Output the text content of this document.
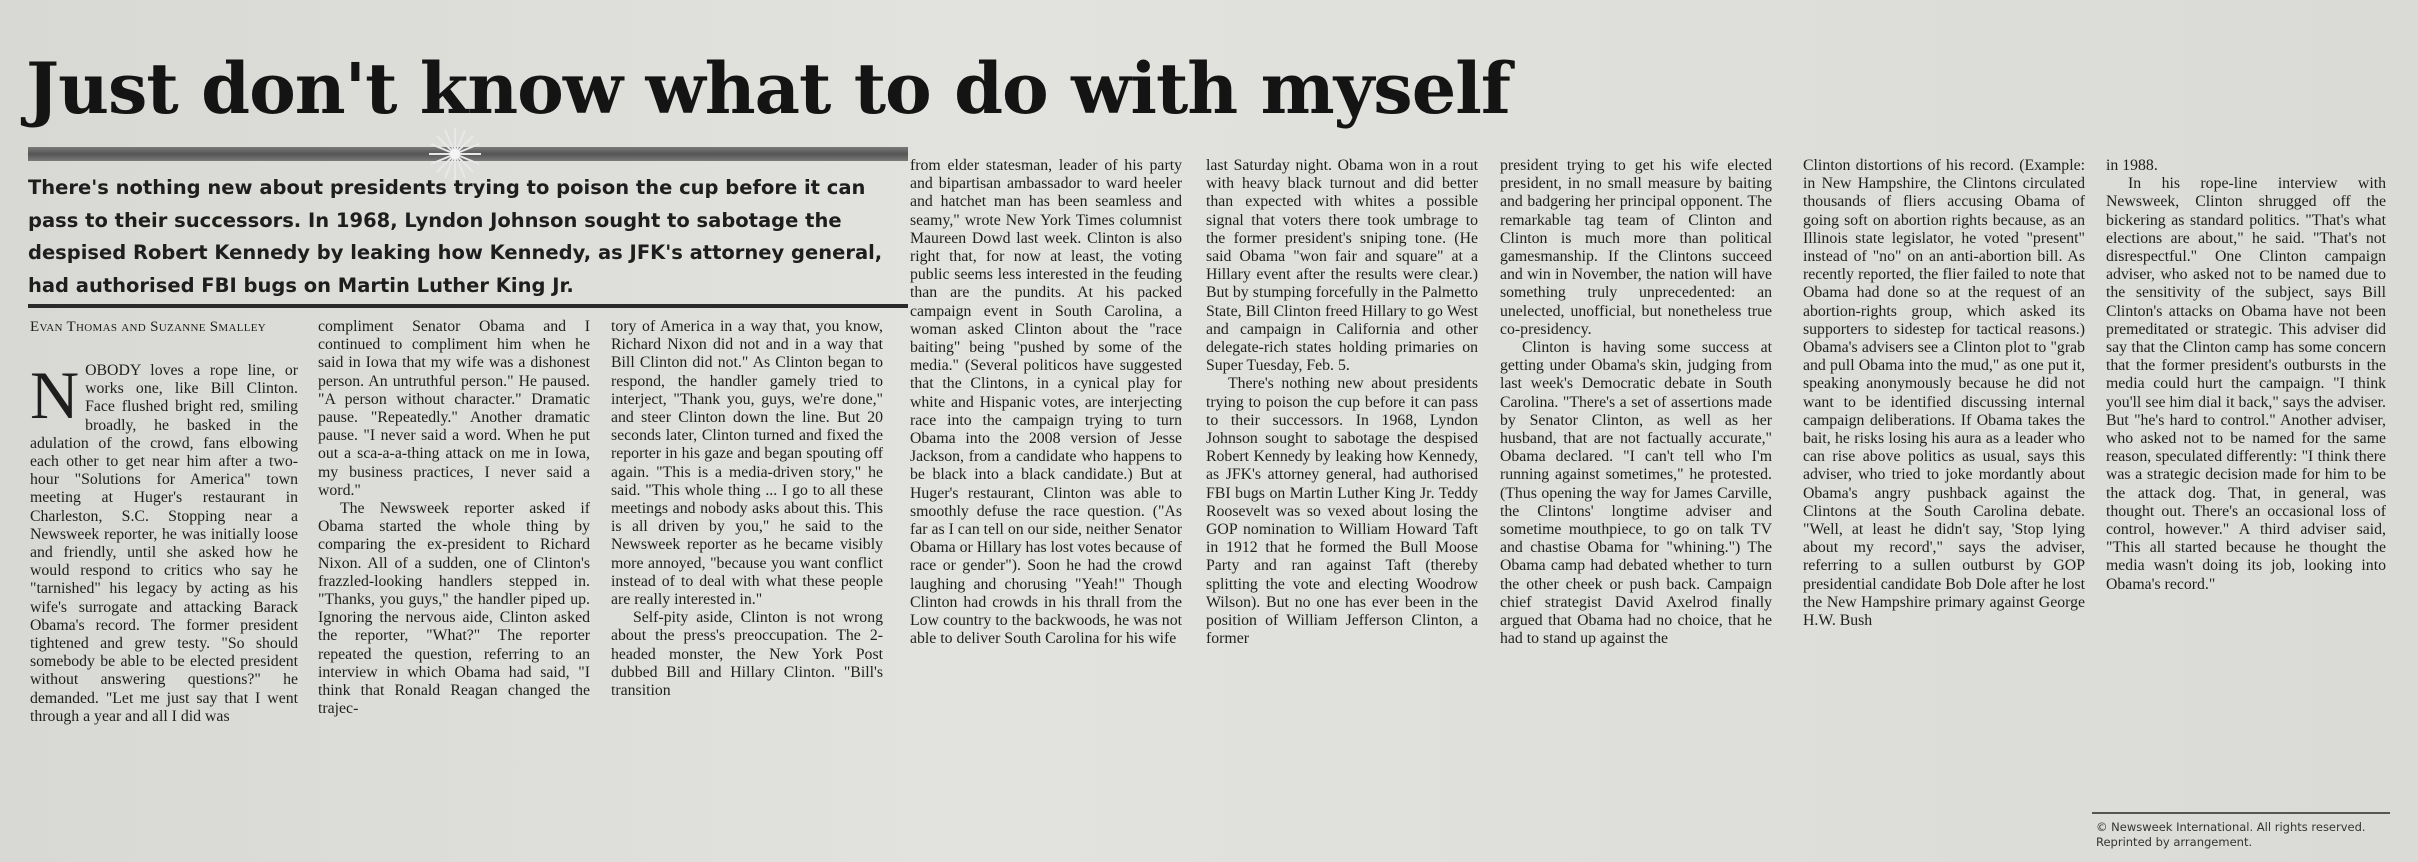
Just don't know what to do with myself
There's nothing new about presidents trying to poison the cup before it can pass to their successors. In 1968, Lyndon Johnson sought to sabotage the despised Robert Kennedy by leaking how Kennedy, as JFK's attorney general, had authorised FBI bugs on Martin Luther King Jr.
Evan Thomas and Suzanne Smalley
N OBODY loves a rope line, or works one, like Bill Clinton. Face flushed bright red, smiling broadly, he basked in the adulation of the crowd, fans elbowing each other to get near him after a two-hour "Solutions for America" town meeting at Huger's restaurant in Charleston, S.C. Stopping near a Newsweek reporter, he was initially loose and friendly, until she asked how he would respond to critics who say he "tarnished" his legacy by acting as his wife's surrogate and attacking Barack Obama's record. The former president tightened and grew testy. "So should somebody be able to be elected president without answering questions?" he demanded. "Let me just say that I went through a year and all I did was

compliment Senator Obama and I continued to compliment him when he said in Iowa that my wife was a dishonest person. An untruthful person." He paused. "A person without character." Dramatic pause. "Repeatedly." Another dramatic pause. "I never said a word. When he put out a sca-a-a-thing attack on me in Iowa, my business practices, I never said a word."

The Newsweek reporter asked if Obama started the whole thing by comparing the ex-president to Richard Nixon. All of a sudden, one of Clinton's frazzled-looking handlers stepped in. "Thanks, you guys," the handler piped up. Ignoring the nervous aide, Clinton asked the reporter, "What?" The reporter repeated the question, referring to an interview in which Obama had said, "I think that Ronald Reagan changed the trajec-

tory of America in a way that, you know, Richard Nixon did not and in a way that Bill Clinton did not." As Clinton began to respond, the handler gamely tried to interject, "Thank you, guys, we're done," and steer Clinton down the line. But 20 seconds later, Clinton turned and fixed the reporter in his gaze and began spouting off again. "This is a media-driven story," he said. "This whole thing ... I go to all these meetings and nobody asks about this. This is all driven by you," he said to the Newsweek reporter as he became visibly more annoyed, "because you want conflict instead of to deal with what these people are really interested in."

Self-pity aside, Clinton is not wrong about the press's preoccupation. The 2-headed monster, the New York Post dubbed Bill and Hillary Clinton. "Bill's transition

from elder statesman, leader of his party and bipartisan ambassador to ward heeler and hatchet man has been seamless and seamy," wrote New York Times columnist Maureen Dowd last week. Clinton is also right that, for now at least, the voting public seems less interested in the feuding than are the pundits. At his packed campaign event in South Carolina, a woman asked Clinton about the "race baiting" being "pushed by some of the media." (Several politicos have suggested that the Clintons, in a cynical play for white and Hispanic votes, are interjecting race into the campaign trying to turn Obama into the 2008 version of Jesse Jackson, from a candidate who happens to be black into a black candidate.) But at Huger's restaurant, Clinton was able to smoothly defuse the race question. ("As far as I can tell on our side, neither Senator Obama or Hillary has lost votes because of race or gender"). Soon he had the crowd laughing and chorusing "Yeah!" Though Clinton had crowds in his thrall from the Low country to the backwoods, he was not able to deliver South Carolina for his wife

last Saturday night. Obama won in a rout with heavy black turnout and did better than expected with whites a possible signal that voters there took umbrage to the former president's sniping tone. (He said Obama "won fair and square" at a Hillary event after the results were clear.) But by stumping forcefully in the Palmetto State, Bill Clinton freed Hillary to go West and campaign in California and other delegate-rich states holding primaries on Super Tuesday, Feb. 5.

There's nothing new about presidents trying to poison the cup before it can pass to their successors. In 1968, Lyndon Johnson sought to sabotage the despised Robert Kennedy by leaking how Kennedy, as JFK's attorney general, had authorised FBI bugs on Martin Luther King Jr. Teddy Roosevelt was so vexed about losing the GOP nomination to William Howard Taft in 1912 that he formed the Bull Moose Party and ran against Taft (thereby splitting the vote and electing Woodrow Wilson). But no one has ever been in the position of William Jefferson Clinton, a former

president trying to get his wife elected president, in no small measure by baiting and badgering her principal opponent. The remarkable tag team of Clinton and Clinton is much more than political gamesmanship. If the Clintons succeed and win in November, the nation will have something truly unprecedented: an unelected, unofficial, but nonetheless true co-presidency.

Clinton is having some success at getting under Obama's skin, judging from last week's Democratic debate in South Carolina. "There's a set of assertions made by Senator Clinton, as well as her husband, that are not factually accurate," Obama declared. "I can't tell who I'm running against sometimes," he protested. (Thus opening the way for James Carville, the Clintons' longtime adviser and sometime mouthpiece, to go on talk TV and chastise Obama for "whining.") The Obama camp had debated whether to turn the other cheek or push back. Campaign chief strategist David Axelrod finally argued that Obama had no choice, that he had to stand up against the

Clinton distortions of his record. (Example: in New Hampshire, the Clintons circulated thousands of fliers accusing Obama of going soft on abortion rights because, as an Illinois state legislator, he voted "present" instead of "no" on an anti-abortion bill. As recently reported, the flier failed to note that Obama had done so at the request of an abortion-rights group, which asked its supporters to sidestep for tactical reasons.) Obama's advisers see a Clinton plot to "grab and pull Obama into the mud," as one put it, speaking anonymously because he did not want to be identified discussing internal campaign deliberations. If Obama takes the bait, he risks losing his aura as a leader who can rise above politics as usual, says this adviser, who tried to joke mordantly about Obama's angry pushback against the Clintons at the South Carolina debate. "Well, at least he didn't say, 'Stop lying about my record'," says the adviser, referring to a sullen outburst by GOP presidential candidate Bob Dole after he lost the New Hampshire primary against George H.W. Bush

in 1988.

In his rope-line interview with Newsweek, Clinton shrugged off the bickering as standard politics. "That's what elections are about," he said. "That's not disrespectful." One Clinton campaign adviser, who asked not to be named due to the sensitivity of the subject, says Bill Clinton's attacks on Obama have not been premeditated or strategic. This adviser did say that the Clinton camp has some concern that the former president's outbursts in the media could hurt the campaign. "I think you'll see him dial it back," says the adviser. But "he's hard to control." Another adviser, who asked not to be named for the same reason, speculated differently: "I think there was a strategic decision made for him to be the attack dog. That, in general, was thought out. There's an occasional loss of control, however." A third adviser said, "This all started because he thought the media wasn't doing its job, looking into Obama's record."

© Newsweek International. All rights reserved. Reprinted by arrangement.
